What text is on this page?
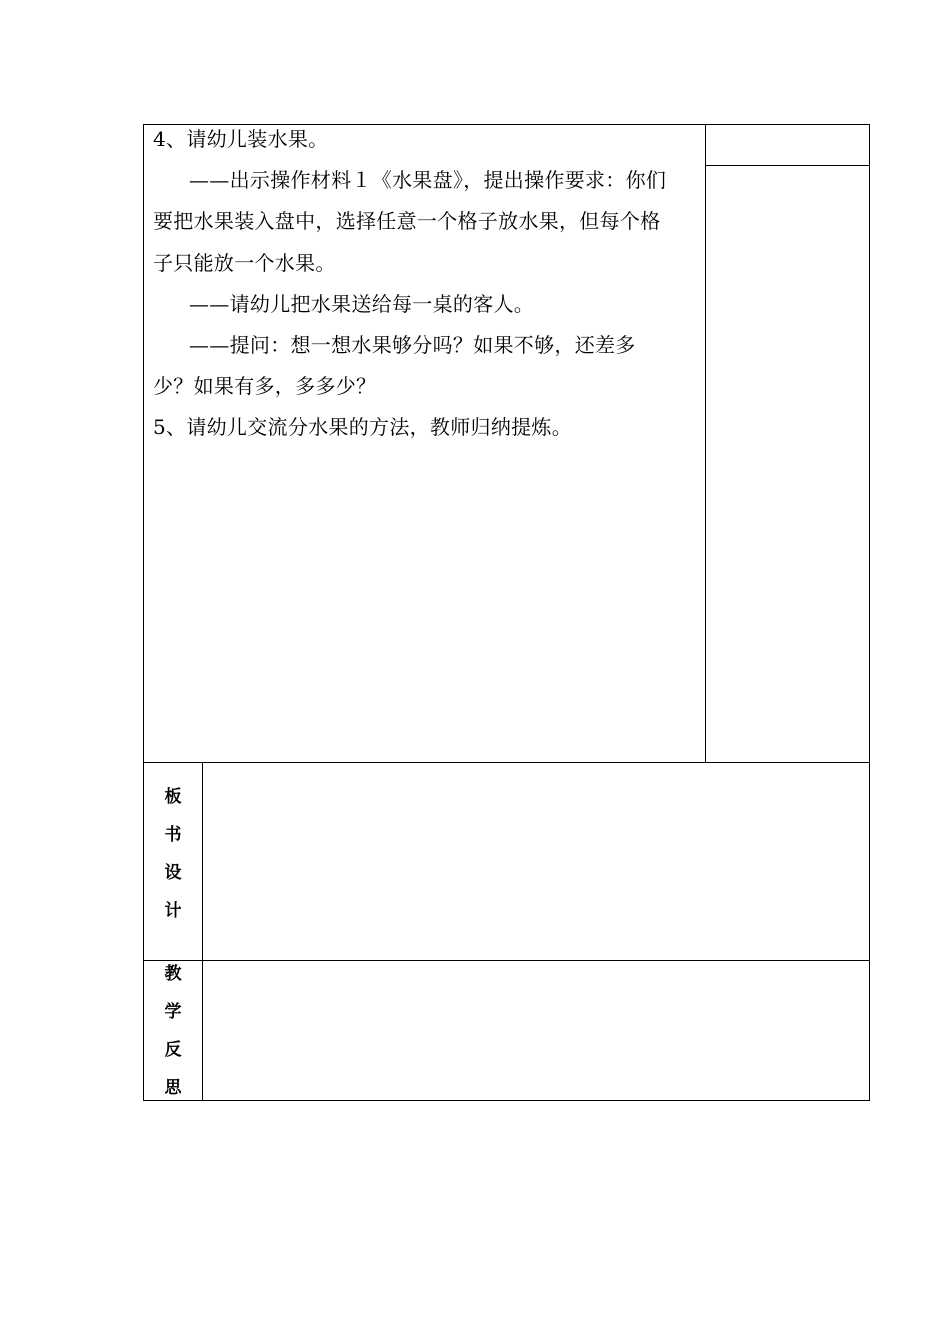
4、请幼儿装水果。
——出示操作材料１《水果盘》，提出操作要求：你们
要把水果装入盘中，选择任意一个格子放水果，但每个格
子只能放一个水果。
——请幼儿把水果送给每一桌的客人。
——提问：想一想水果够分吗？如果不够，还差多
少？如果有多，多多少？
5、请幼儿交流分水果的方法，教师归纳提炼。
板
书
设
计
教
学
反
思
